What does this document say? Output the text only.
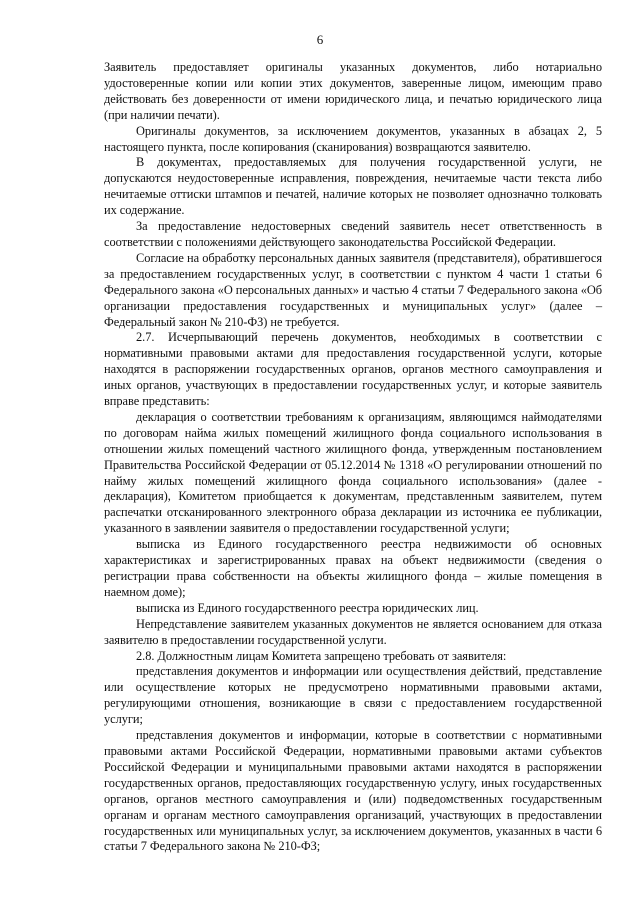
6

Заявитель предоставляет оригиналы указанных документов, либо нотариально удостоверенные копии или копии этих документов, заверенные лицом, имеющим право действовать без доверенности от имени юридического лица, и печатью юридического лица (при наличии печати).

Оригиналы документов, за исключением документов, указанных в абзацах 2, 5 настоящего пункта, после копирования (сканирования) возвращаются заявителю.

В документах, предоставляемых для получения государственной услуги, не допускаются неудостоверенные исправления, повреждения, нечитаемые части текста либо нечитаемые оттиски штампов и печатей, наличие которых не позволяет однозначно толковать их содержание.

За предоставление недостоверных сведений заявитель несет ответственность в соответствии с положениями действующего законодательства Российской Федерации.

Согласие на обработку персональных данных заявителя (представителя), обратившегося за предоставлением государственных услуг, в соответствии с пунктом 4 части 1 статьи 6 Федерального закона «О персональных данных» и частью 4 статьи 7 Федерального закона «Об организации предоставления государственных и муниципальных услуг» (далее – Федеральный закон № 210-ФЗ) не требуется.

2.7. Исчерпывающий перечень документов, необходимых в соответствии с нормативными правовыми актами для предоставления государственной услуги, которые находятся в распоряжении государственных органов, органов местного самоуправления и иных органов, участвующих в предоставлении государственных услуг, и которые заявитель вправе представить:

декларация о соответствии требованиям к организациям, являющимся наймодателями по договорам найма жилых помещений жилищного фонда социального использования в отношении жилых помещений частного жилищного фонда, утвержденным постановлением Правительства Российской Федерации от 05.12.2014 № 1318 «О регулировании отношений по найму жилых помещений жилищного фонда социального использования» (далее - декларация), Комитетом приобщается к документам, представленным заявителем, путем распечатки отсканированного электронного образа декларации из источника ее публикации, указанного в заявлении заявителя о предоставлении государственной услуги;

выписка из Единого государственного реестра недвижимости об основных характеристиках и зарегистрированных правах на объект недвижимости (сведения о регистрации права собственности на объекты жилищного фонда – жилые помещения в наемном доме);

выписка из Единого государственного реестра юридических лиц.

Непредставление заявителем указанных документов не является основанием для отказа заявителю в предоставлении государственной услуги.

2.8. Должностным лицам Комитета запрещено требовать от заявителя:

представления документов и информации или осуществления действий, представление или осуществление которых не предусмотрено нормативными правовыми актами, регулирующими отношения, возникающие в связи с предоставлением государственной услуги;

представления документов и информации, которые в соответствии с нормативными правовыми актами Российской Федерации, нормативными правовыми актами субъектов Российской Федерации и муниципальными правовыми актами находятся в распоряжении государственных органов, предоставляющих государственную услугу, иных государственных органов, органов местного самоуправления и (или) подведомственных государственным органам и органам местного самоуправления организаций, участвующих в предоставлении государственных или муниципальных услуг, за исключением документов, указанных в части 6 статьи 7 Федерального закона № 210-ФЗ;
